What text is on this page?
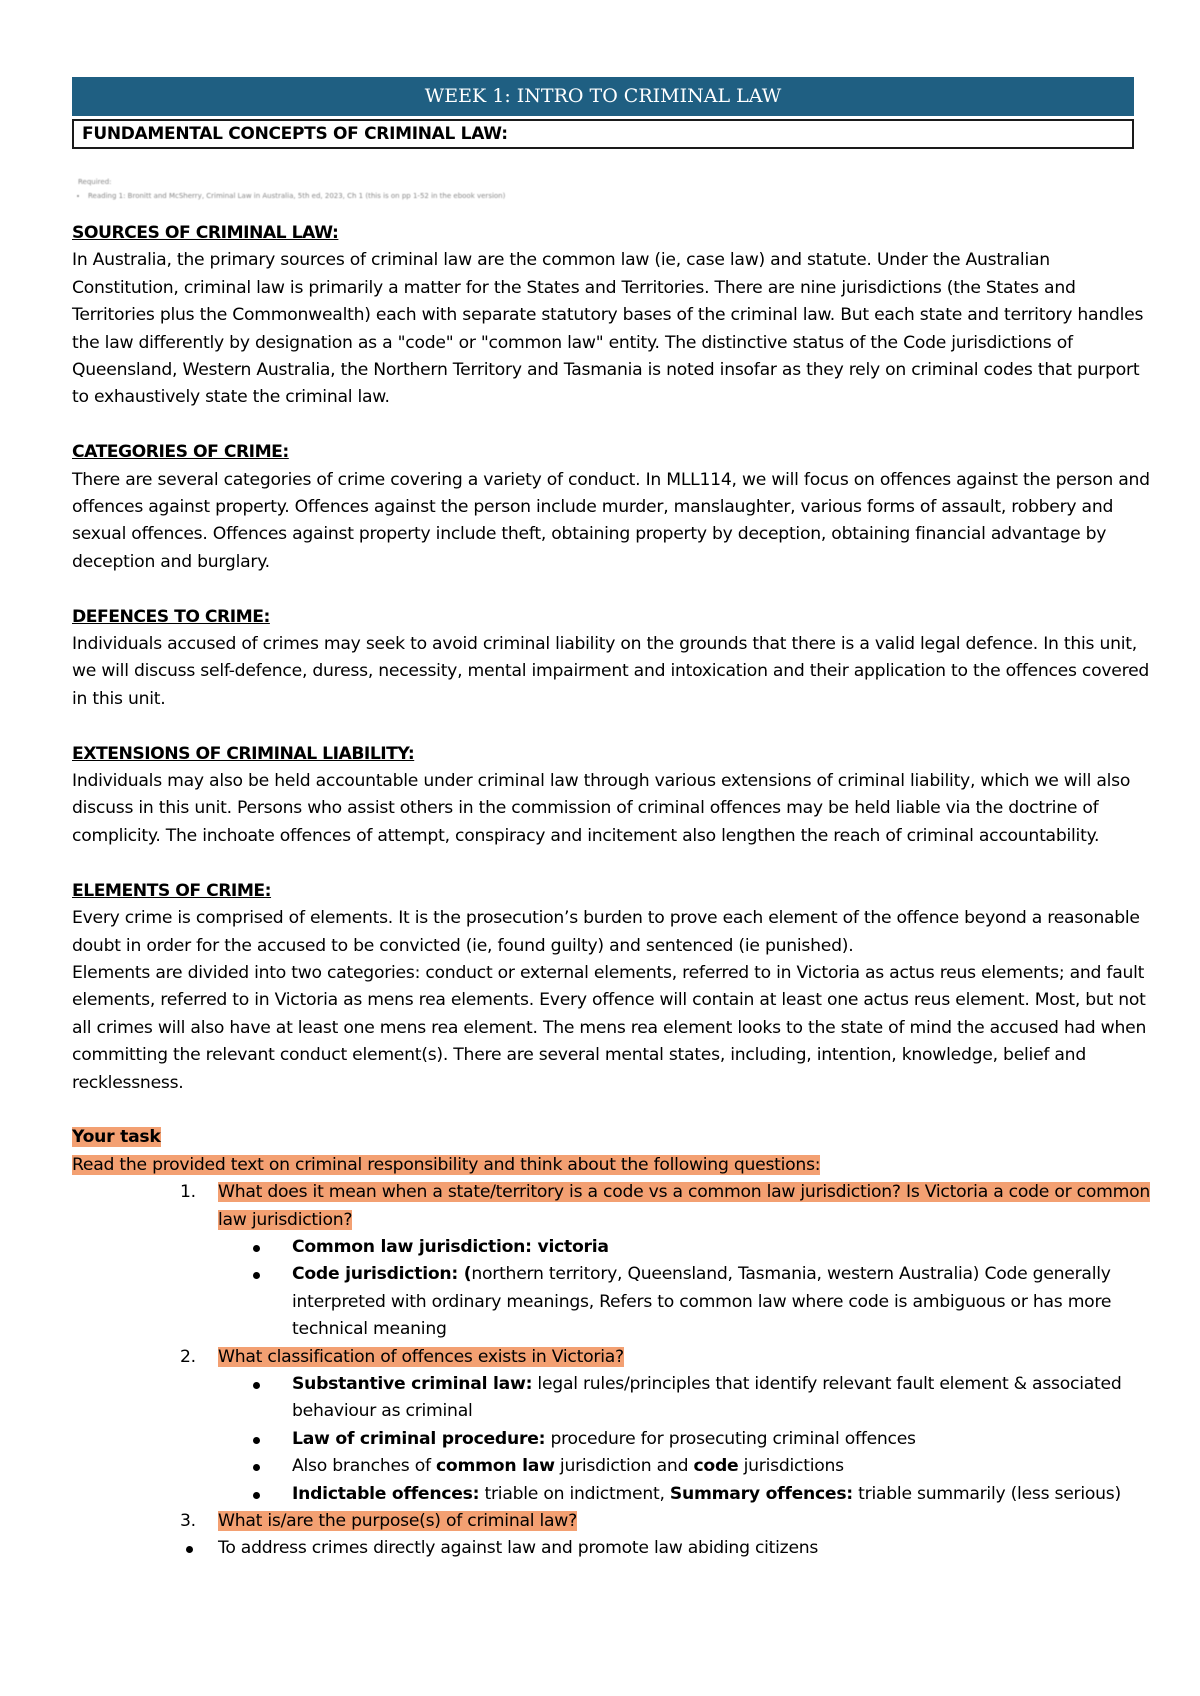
WEEK 1: INTRO TO CRIMINAL LAW
FUNDAMENTAL CONCEPTS OF CRIMINAL LAW:
Required:
• Reading 1: Bronitt and McSherry, Criminal Law in Australia, 5th ed, 2023, Ch 1 (this is on pp 1-52 in the ebook version)

SOURCES OF CRIMINAL LAW:

In Australia, the primary sources of criminal law are the common law (ie, case law) and statute. Under the Australian Constitution, criminal law is primarily a matter for the States and Territories. There are nine jurisdictions (the States and Territories plus the Commonwealth) each with separate statutory bases of the criminal law. But each state and territory handles the law differently by designation as a "code" or "common law" entity. The distinctive status of the Code jurisdictions of Queensland, Western Australia, the Northern Territory and Tasmania is noted insofar as they rely on criminal codes that purport to exhaustively state the criminal law.

CATEGORIES OF CRIME:

There are several categories of crime covering a variety of conduct. In MLL114, we will focus on offences against the person and offences against property. Offences against the person include murder, manslaughter, various forms of assault, robbery and sexual offences. Offences against property include theft, obtaining property by deception, obtaining financial advantage by deception and burglary.

DEFENCES TO CRIME:

Individuals accused of crimes may seek to avoid criminal liability on the grounds that there is a valid legal defence. In this unit, we will discuss self-defence, duress, necessity, mental impairment and intoxication and their application to the offences covered in this unit.

EXTENSIONS OF CRIMINAL LIABILITY:

Individuals may also be held accountable under criminal law through various extensions of criminal liability, which we will also discuss in this unit. Persons who assist others in the commission of criminal offences may be held liable via the doctrine of complicity. The inchoate offences of attempt, conspiracy and incitement also lengthen the reach of criminal accountability.

ELEMENTS OF CRIME:

Every crime is comprised of elements. It is the prosecution’s burden to prove each element of the offence beyond a reasonable doubt in order for the accused to be convicted (ie, found guilty) and sentenced (ie punished).

Elements are divided into two categories: conduct or external elements, referred to in Victoria as actus reus elements; and fault elements, referred to in Victoria as mens rea elements. Every offence will contain at least one actus reus element. Most, but not all crimes will also have at least one mens rea element. The mens rea element looks to the state of mind the accused had when committing the relevant conduct element(s). There are several mental states, including, intention, knowledge, belief and recklessness.

Your task

Read the provided text on criminal responsibility and think about the following questions:

1. What does it mean when a state/territory is a code vs a common law jurisdiction? Is Victoria a code or common law jurisdiction?
Common law jurisdiction: victoria
Code jurisdiction: (northern territory, Queensland, Tasmania, western Australia) Code generally interpreted with ordinary meanings, Refers to common law where code is ambiguous or has more technical meaning
2. What classification of offences exists in Victoria?
Substantive criminal law: legal rules/principles that identify relevant fault element & associated behaviour as criminal
Law of criminal procedure: procedure for prosecuting criminal offences
Also branches of common law jurisdiction and code jurisdictions
Indictable offences: triable on indictment, Summary offences: triable summarily (less serious)
3. What is/are the purpose(s) of criminal law?

To address crimes directly against law and promote law abiding citizens
